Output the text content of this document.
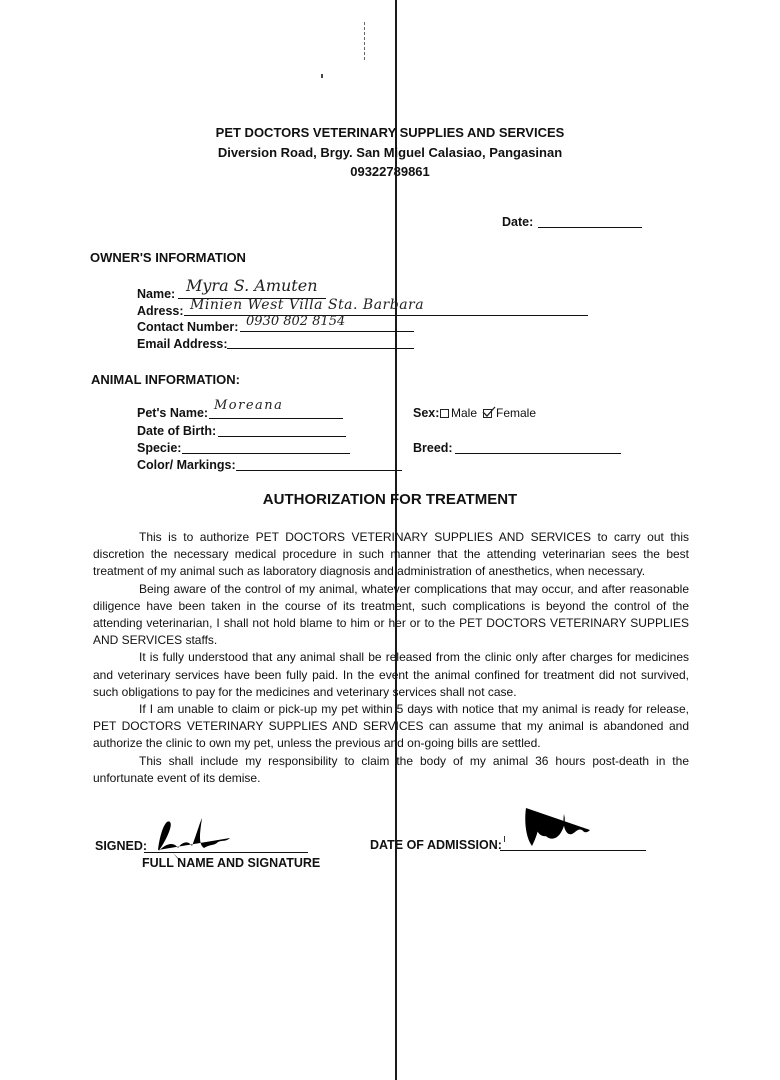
PET DOCTORS VETERINARY SUPPLIES AND SERVICES
Diversion Road, Brgy. San Miguel Calasiao, Pangasinan
09322789861
Date:
OWNER'S INFORMATION
Name: Myra S. Amuten
Adress: Minien West Villa Sta. Barbara
Contact Number: 0930 802 8154
Email Address:
ANIMAL INFORMATION:
Pet's Name: Moreana
Date of Birth:
Specie:
Color/ Markings:
Sex: Male Female
Breed:
AUTHORIZATION FOR TREATMENT

This is to authorize PET DOCTORS VETERINARY SUPPLIES AND SERVICES to carry out this discretion the necessary medical procedure in such manner that the attending veterinarian sees the best treatment of my animal such as laboratory diagnosis and administration of anesthetics, when necessary.

Being aware of the control of my animal, whatever complications that may occur, and after reasonable diligence have been taken in the course of its treatment, such complications is beyond the control of the attending veterinarian, I shall not hold blame to him or her or to the PET DOCTORS VETERINARY SUPPLIES AND SERVICES staffs.

It is fully understood that any animal shall be released from the clinic only after charges for medicines and veterinary services have been fully paid. In the event the animal confined for treatment did not survived, such obligations to pay for the medicines and veterinary services shall not case.

If I am unable to claim or pick-up my pet within 5 days with notice that my animal is ready for release, PET DOCTORS VETERINARY SUPPLIES AND SERVICES can assume that my animal is abandoned and authorize the clinic to own my pet, unless the previous and on-going bills are settled.

This shall include my responsibility to claim the body of my animal 36 hours post-death in the unfortunate event of its demise.

SIGNED:
FULL NAME AND SIGNATURE
DATE OF ADMISSION:
